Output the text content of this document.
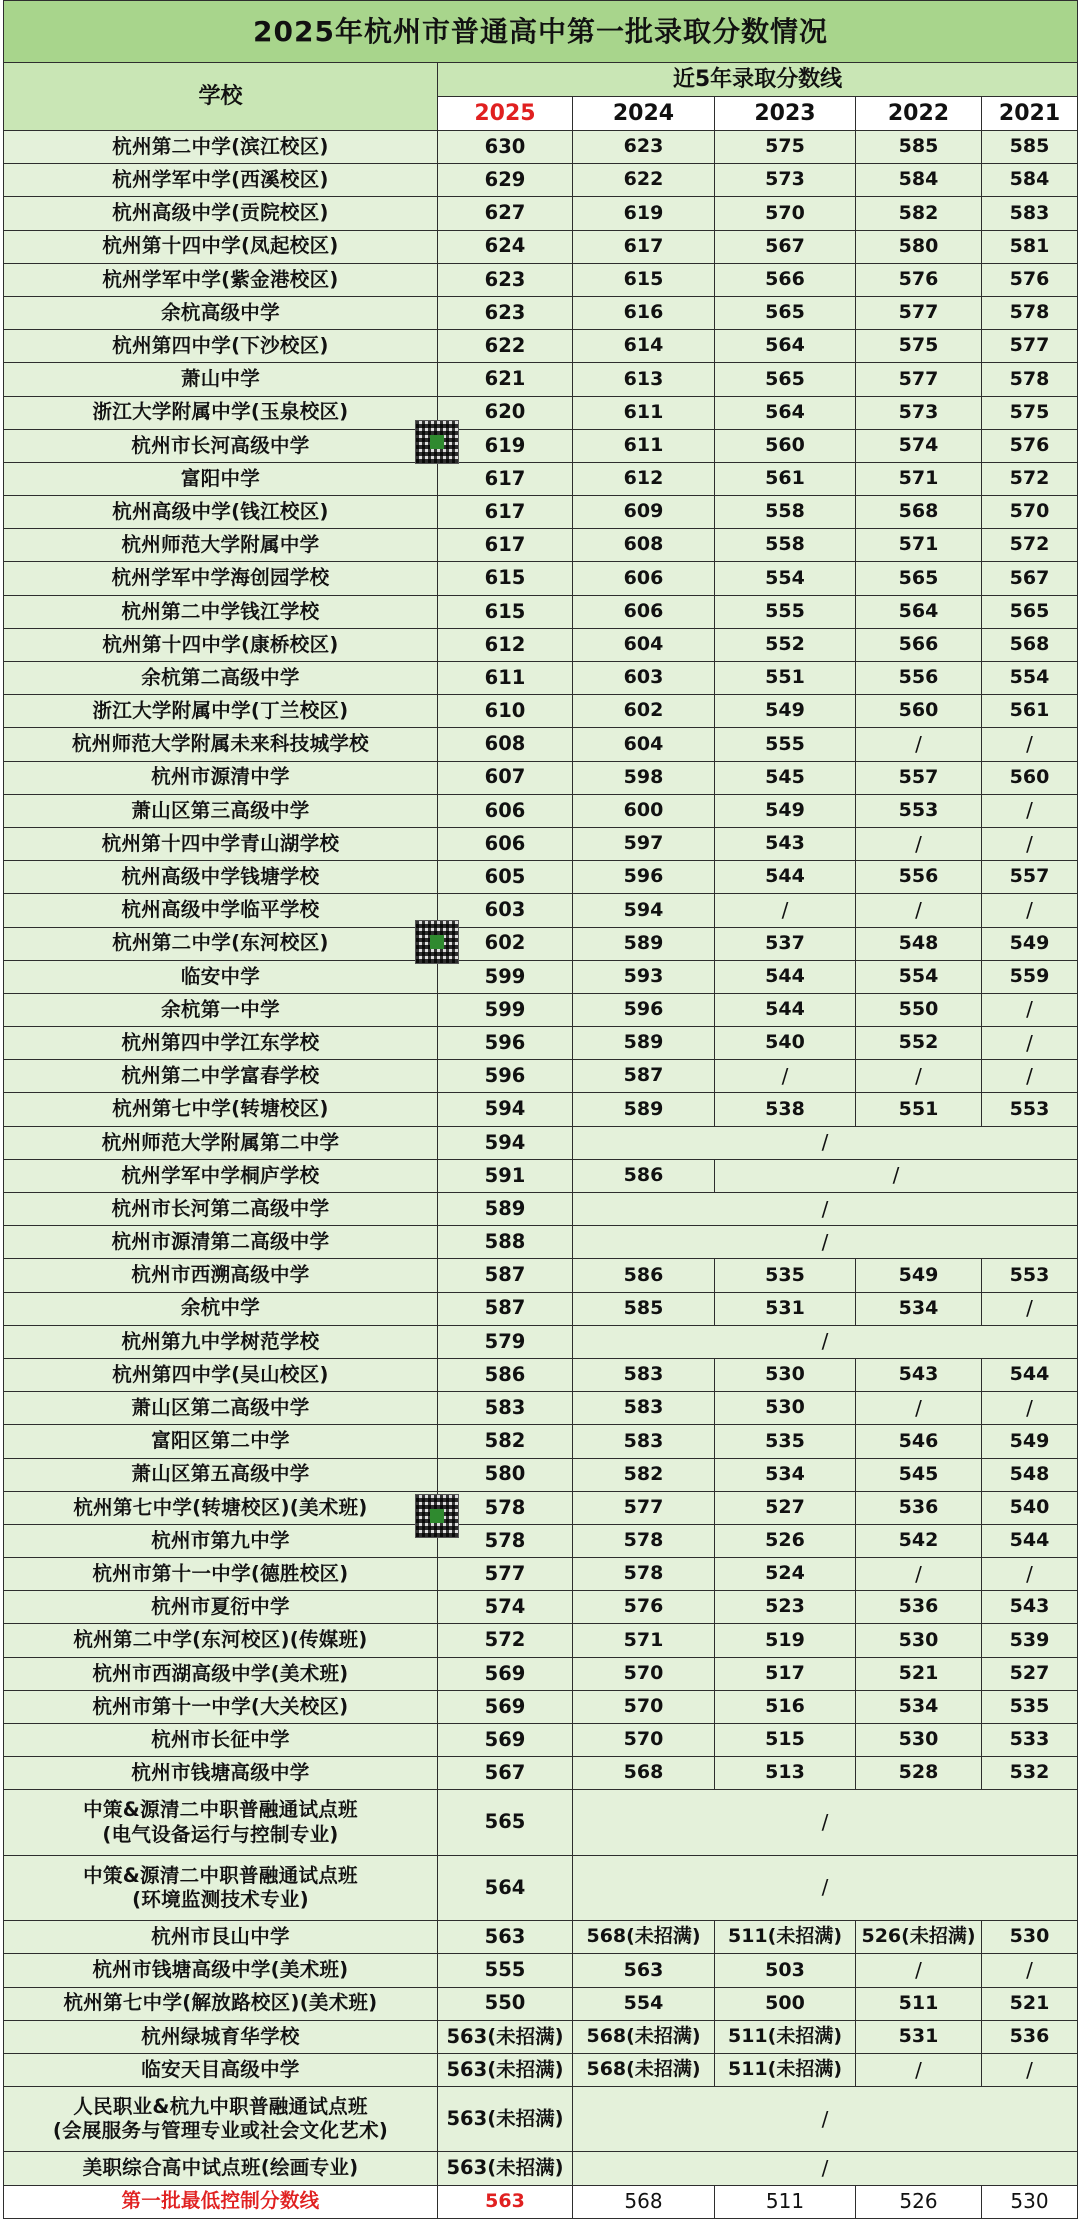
2025年杭州市普通高中第一批录取分数情况					
学校	近5年录取分数线				
	2025	2024	2023	2022	2021
杭州第二中学(滨江校区)	630	623	575	585	585
杭州学军中学(西溪校区)	629	622	573	584	584
杭州高级中学(贡院校区)	627	619	570	582	583
杭州第十四中学(凤起校区)	624	617	567	580	581
杭州学军中学(紫金港校区)	623	615	566	576	576
余杭高级中学	623	616	565	577	578
杭州第四中学(下沙校区)	622	614	564	575	577
萧山中学	621	613	565	577	578
浙江大学附属中学(玉泉校区)	620	611	564	573	575
杭州市长河高级中学	619	611	560	574	576
富阳中学	617	612	561	571	572
杭州高级中学(钱江校区)	617	609	558	568	570
杭州师范大学附属中学	617	608	558	571	572
杭州学军中学海创园学校	615	606	554	565	567
杭州第二中学钱江学校	615	606	555	564	565
杭州第十四中学(康桥校区)	612	604	552	566	568
余杭第二高级中学	611	603	551	556	554
浙江大学附属中学(丁兰校区)	610	602	549	560	561
杭州师范大学附属未来科技城学校	608	604	555	/	/
杭州市源清中学	607	598	545	557	560
萧山区第三高级中学	606	600	549	553	/
杭州第十四中学青山湖学校	606	597	543	/	/
杭州高级中学钱塘学校	605	596	544	556	557
杭州高级中学临平学校	603	594	/	/	/
杭州第二中学(东河校区)	602	589	537	548	549
临安中学	599	593	544	554	559
余杭第一中学	599	596	544	550	/
杭州第四中学江东学校	596	589	540	552	/
杭州第二中学富春学校	596	587	/	/	/
杭州第七中学(转塘校区)	594	589	538	551	553
杭州师范大学附属第二中学	594	/			
杭州学军中学桐庐学校	591	586	/		
杭州市长河第二高级中学	589	/			
杭州市源清第二高级中学	588	/			
杭州市西溯高级中学	587	586	535	549	553
余杭中学	587	585	531	534	/
杭州第九中学树范学校	579	/			
杭州第四中学(吴山校区)	586	583	530	543	544
萧山区第二高级中学	583	583	530	/	/
富阳区第二中学	582	583	535	546	549
萧山区第五高级中学	580	582	534	545	548
杭州第七中学(转塘校区)(美术班)	578	577	527	536	540
杭州市第九中学	578	578	526	542	544
杭州市第十一中学(德胜校区)	577	578	524	/	/
杭州市夏衍中学	574	576	523	536	543
杭州第二中学(东河校区)(传媒班)	572	571	519	530	539
杭州市西湖高级中学(美术班)	569	570	517	521	527
杭州市第十一中学(大关校区)	569	570	516	534	535
杭州市长征中学	569	570	515	530	533
杭州市钱塘高级中学	567	568	513	528	532
中策&源清二中职普融通试点班
(电气设备运行与控制专业)	565	/			
中策&源清二中职普融通试点班
(环境监测技术专业)	564	/			
杭州市艮山中学	563	568(未招满)	511(未招满)	526(未招满)	530
杭州市钱塘高级中学(美术班)	555	563	503	/	/
杭州第七中学(解放路校区)(美术班)	550	554	500	511	521
杭州绿城育华学校	563(未招满)	568(未招满)	511(未招满)	531	536
临安天目高级中学	563(未招满)	568(未招满)	511(未招满)	/	/
人民职业&杭九中职普融通试点班
(会展服务与管理专业或社会文化艺术)	563(未招满)	/			
美职综合高中试点班(绘画专业)	563(未招满)	/			
第一批最低控制分数线	563	568	511	526	530
